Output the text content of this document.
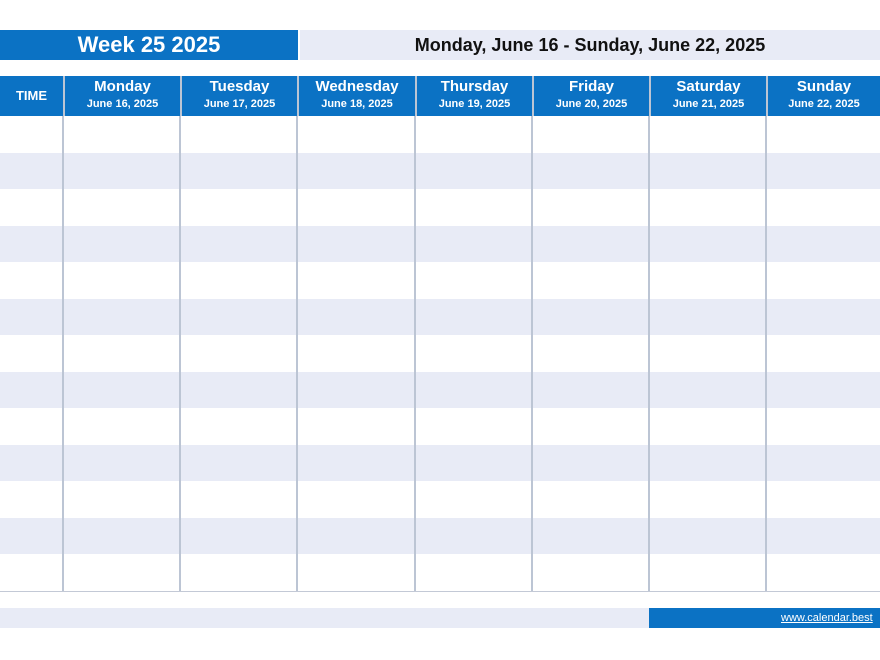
Week 25 2025	Monday, June 16 - Sunday, June 22, 2025
TIME
Monday
June 16, 2025
Tuesday
June 17, 2025
Wednesday
June 18, 2025
Thursday
June 19, 2025
Friday
June 20, 2025
Saturday
June 21, 2025
Sunday
June 22, 2025
www.calendar.best
